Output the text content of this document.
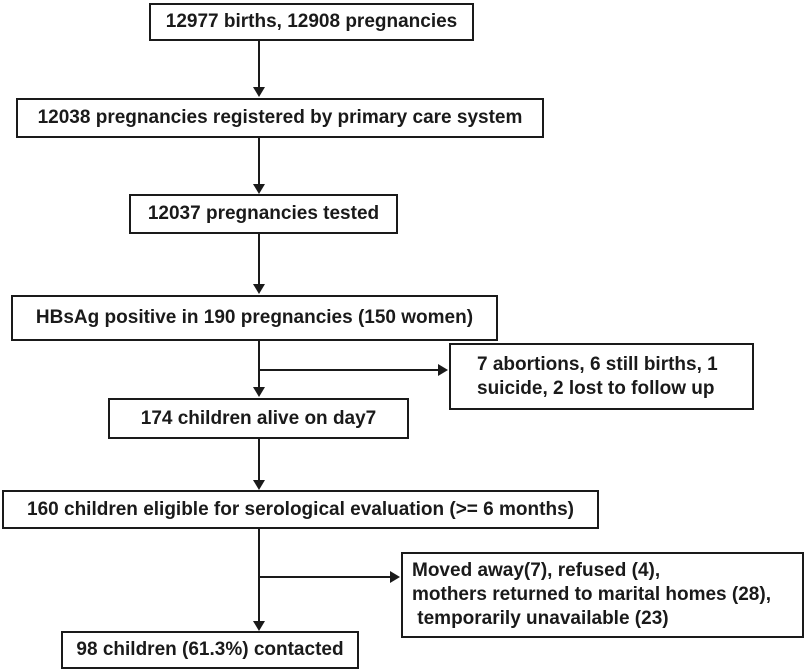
12977 births, 12908 pregnancies
12038 pregnancies registered by primary care system
12037 pregnancies tested
HBsAg positive in 190 pregnancies (150 women)
7 abortions, 6 still births, 1
suicide, 2 lost to follow up
174 children alive on day7
160 children eligible for serological evaluation (>= 6 months)
Moved away(7), refused (4),
mothers returned to marital homes (28),
temporarily unavailable (23)
98 children (61.3%) contacted
